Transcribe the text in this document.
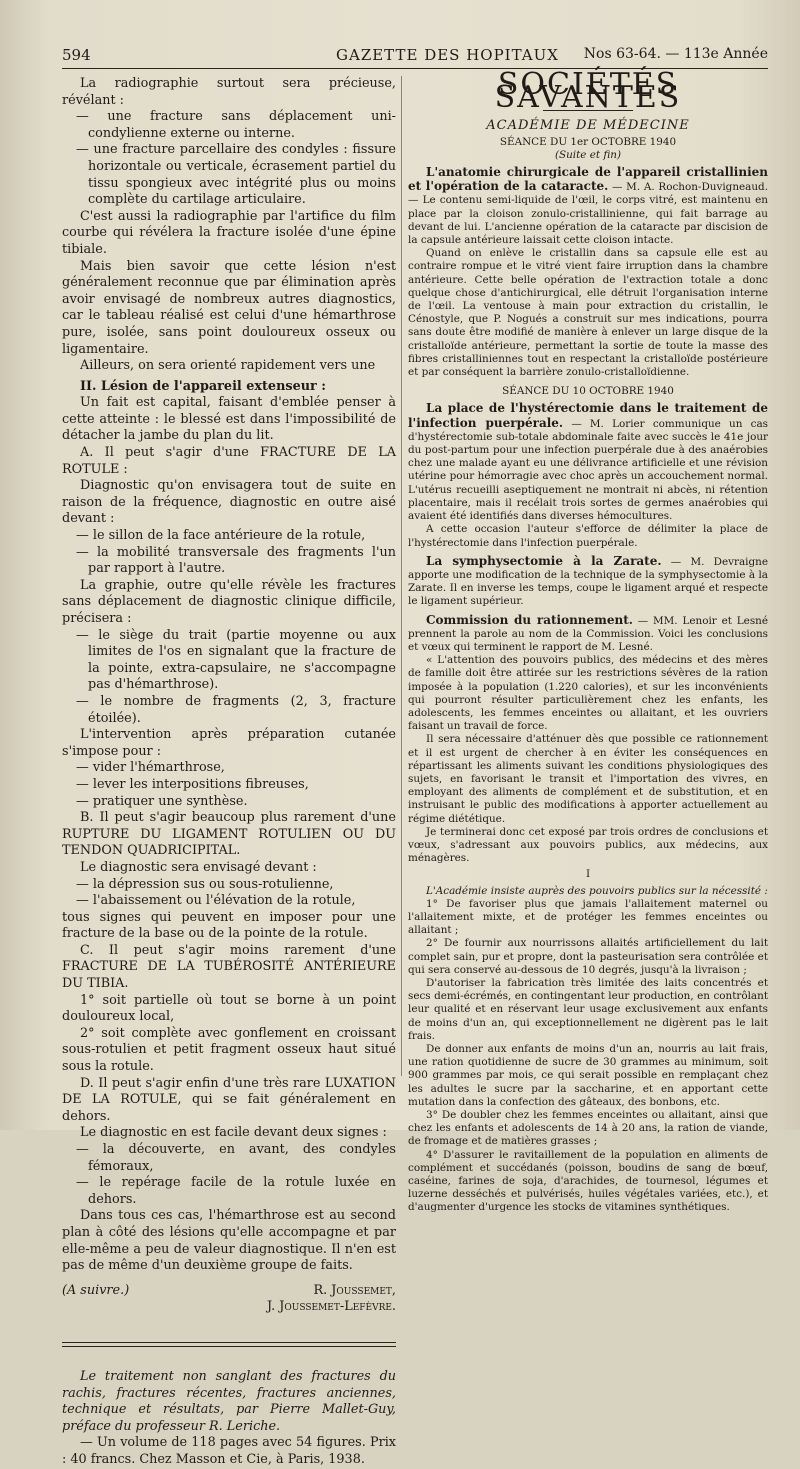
594	GAZETTE DES HOPITAUX Nos 63-64. — 113e Année

La radiographie surtout sera précieuse, révélant :

— une fracture sans déplacement uni-condylienne externe ou interne.

— une fracture parcellaire des condyles : fissure horizontale ou verticale, écrasement partiel du tissu spongieux avec intégrité plus ou moins complète du cartilage articulaire.

C'est aussi la radiographie par l'artifice du film courbe qui révélera la fracture isolée d'une épine tibiale.

Mais bien savoir que cette lésion n'est généralement reconnue que par élimination après avoir envisagé de nombreux autres diagnostics, car le tableau réalisé est celui d'une hémarthrose pure, isolée, sans point douloureux osseux ou ligamentaire.

Ailleurs, on sera orienté rapidement vers une

II. Lésion de l'appareil extenseur :

Un fait est capital, faisant d'emblée penser à cette atteinte : le blessé est dans l'impossibilité de détacher la jambe du plan du lit.

A. Il peut s'agir d'une FRACTURE DE LA ROTULE :

Diagnostic qu'on envisagera tout de suite en raison de la fréquence, diagnostic en outre aisé devant :

— le sillon de la face antérieure de la rotule,

— la mobilité transversale des fragments l'un par rapport à l'autre.

La graphie, outre qu'elle révèle les fractures sans déplacement de diagnostic clinique difficile, précisera :

— le siège du trait (partie moyenne ou aux limites de l'os en signalant que la fracture de la pointe, extra-capsulaire, ne s'accompagne pas d'hémarthrose).

— le nombre de fragments (2, 3, fracture étoilée).

L'intervention après préparation cutanée s'impose pour :

— vider l'hémarthrose,

— lever les interpositions fibreuses,

— pratiquer une synthèse.

B. Il peut s'agir beaucoup plus rarement d'une RUPTURE DU LIGAMENT ROTULIEN OU DU TENDON QUADRICIPITAL.

Le diagnostic sera envisagé devant :

— la dépression sus ou sous-rotulienne,

— l'abaissement ou l'élévation de la rotule,

tous signes qui peuvent en imposer pour une fracture de la base ou de la pointe de la rotule.

C. Il peut s'agir moins rarement d'une FRACTURE DE LA TUBÉROSITÉ ANTÉRIEURE DU TIBIA.

1° soit partielle où tout se borne à un point douloureux local,

2° soit complète avec gonflement en croissant sous-rotulien et petit fragment osseux haut situé sous la rotule.

D. Il peut s'agir enfin d'une très rare LUXATION DE LA ROTULE, qui se fait généralement en dehors.

Le diagnostic en est facile devant deux signes :

— la découverte, en avant, des condyles fémoraux,

— le repérage facile de la rotule luxée en dehors.

Dans tous ces cas, l'hémarthrose est au second plan à côté des lésions qu'elle accompagne et par elle-même a peu de valeur diagnostique. Il n'en est pas de même d'un deuxième groupe de faits.

(A suivre.)	R. Joussemet,
J. Joussemet-Lefèvre.

Le traitement non sanglant des fractures du rachis, fractures récentes, fractures anciennes, technique et résultats, par Pierre Mallet-Guy, préface du professeur R. Leriche.

— Un volume de 118 pages avec 54 figures. Prix : 40 francs. Chez Masson et Cie, à Paris, 1938.

SOCIÉTÉS SAVANTES
ACADÉMIE DE MÉDECINE
SÉANCE DU 1er OCTOBRE 1940
(Suite et fin)

L'anatomie chirurgicale de l'appareil cristallinien et l'opération de la cataracte. — M. A. Rochon-Duvigneaud. — Le contenu semi-liquide de l'œil, le corps vitré, est maintenu en place par la cloison zonulo-cristallinienne, qui fait barrage au devant de lui. L'ancienne opération de la cataracte par discision de la capsule antérieure laissait cette cloison intacte.

Quand on enlève le cristallin dans sa capsule elle est au contraire rompue et le vitré vient faire irruption dans la chambre antérieure. Cette belle opération de l'extraction totale a donc quelque chose d'antichirurgical, elle détruit l'organisation interne de l'œil. La ventouse à main pour extraction du cristallin, le Cénostyle, que P. Nogués a construit sur mes indications, pourra sans doute être modifié de manière à enlever un large disque de la cristalloïde antérieure, permettant la sortie de toute la masse des fibres cristalliniennes tout en respectant la cristalloïde postérieure et par conséquent la barrière zonulo-cristalloïdienne.

SÉANCE DU 10 OCTOBRE 1940

La place de l'hystérectomie dans le traitement de l'infection puerpérale. — M. Lorier communique un cas d'hystérectomie sub-totale abdominale faite avec succès le 41e jour du post-partum pour une infection puerpérale due à des anaérobies chez une malade ayant eu une délivrance artificielle et une révision utérine pour hémorragie avec choc après un accouchement normal. L'utérus recueilli aseptiquement ne montrait ni abcès, ni rétention placentaire, mais il recélait trois sortes de germes anaérobies qui avaient été identifiés dans diverses hémocultures.

A cette occasion l'auteur s'efforce de délimiter la place de l'hystérectomie dans l'infection puerpérale.

La symphysectomie à la Zarate. — M. Devraigne apporte une modification de la technique de la symphysectomie à la Zarate. Il en inverse les temps, coupe le ligament arqué et respecte le ligament supérieur.

Commission du rationnement. — MM. Lenoir et Lesné prennent la parole au nom de la Commission. Voici les conclusions et vœux qui terminent le rapport de M. Lesné.

« L'attention des pouvoirs publics, des médecins et des mères de famille doit être attirée sur les restrictions sévères de la ration imposée à la population (1.220 calories), et sur les inconvénients qui pourront résulter particulièrement chez les enfants, les adolescents, les femmes enceintes ou allaitant, et les ouvriers faisant un travail de force.

Il sera nécessaire d'atténuer dès que possible ce rationnement et il est urgent de chercher à en éviter les conséquences en répartissant les aliments suivant les conditions physiologiques des sujets, en favorisant le transit et l'importation des vivres, en employant des aliments de complément et de substitution, et en instruisant le public des modifications à apporter actuellement au régime diététique.

Je terminerai donc cet exposé par trois ordres de conclusions et vœux, s'adressant aux pouvoirs publics, aux médecins, aux ménagères.

I

L'Académie insiste auprès des pouvoirs publics sur la nécessité :

1° De favoriser plus que jamais l'allaitement maternel ou l'allaitement mixte, et de protéger les femmes enceintes ou allaitant ;

2° De fournir aux nourrissons allaités artificiellement du lait complet sain, pur et propre, dont la pasteurisation sera contrôlée et qui sera conservé au-dessous de 10 degrés, jusqu'à la livraison ;

D'autoriser la fabrication très limitée des laits concentrés et secs demi-écrémés, en contingentant leur production, en contrôlant leur qualité et en réservant leur usage exclusivement aux enfants de moins d'un an, qui exceptionnellement ne digèrent pas le lait frais.

De donner aux enfants de moins d'un an, nourris au lait frais, une ration quotidienne de sucre de 30 grammes au minimum, soit 900 grammes par mois, ce qui serait possible en remplaçant chez les adultes le sucre par la saccharine, et en apportant cette mutation dans la confection des gâteaux, des bonbons, etc.

3° De doubler chez les femmes enceintes ou allaitant, ainsi que chez les enfants et adolescents de 14 à 20 ans, la ration de viande, de fromage et de matières grasses ;

4° D'assurer le ravitaillement de la population en aliments de complément et succédanés (poisson, boudins de sang de bœuf, caséine, farines de soja, d'arachides, de tournesol, légumes et luzerne desséchés et pulvérisés, huiles végétales variées, etc.), et d'augmenter d'urgence les stocks de vitamines synthétiques.
